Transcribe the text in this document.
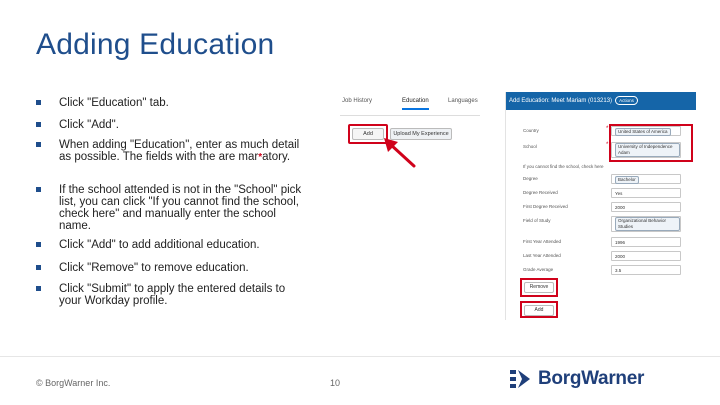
Adding Education
Click "Education" tab.
Click "Add".
When adding "Education", enter as much detail as possible. The fields with the are mar*atory.
If the school attended is not in the "School" pick list, you can click "If you cannot find the school, check here" and manually enter the school name.
Click "Add" to add additional education.
Click "Remove" to remove education.
Click "Submit" to apply the entered details to your Workday profile.
Job History	Education	Languages
Add	Upload My Experience
Add Education: Meet Mariam (013213) Actions
Country	*	United States of America
School	*	University of Independence Adam
If you cannot find the school, check here
Degree	Bachelor
Degree Received	Yes
First Degree Received	2000
Field of Study	Organizational Behavior Studies
First Year Attended	1996
Last Year Attended	2000
Grade Average	3.5
Remove
Add
© BorgWarner Inc.	10	BorgWarner
